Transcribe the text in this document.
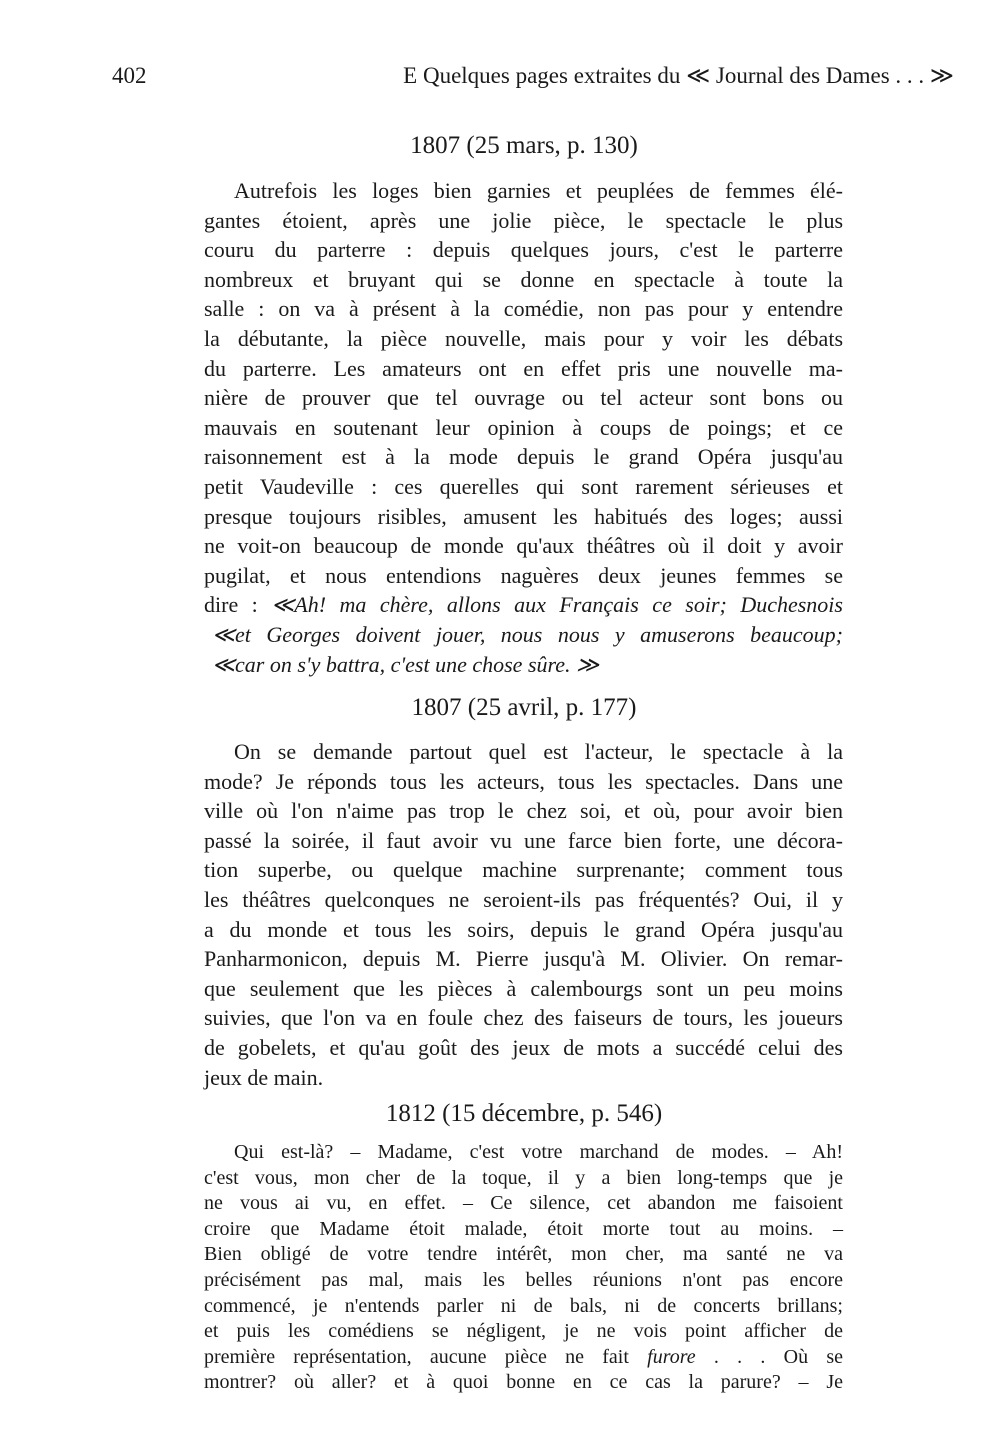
402	E Quelques pages extraites du ≪ Journal des Dames . . . ≫
1807 (25 mars, p. 130)
Autrefois les loges bien garnies et peuplées de femmes élé-
gantes étoient, après une jolie pièce, le spectacle le plus
couru du parterre : depuis quelques jours, c'est le parterre
nombreux et bruyant qui se donne en spectacle à toute la
salle : on va à présent à la comédie, non pas pour y entendre
la débutante, la pièce nouvelle, mais pour y voir les débats
du parterre. Les amateurs ont en effet pris une nouvelle ma-
nière de prouver que tel ouvrage ou tel acteur sont bons ou
mauvais en soutenant leur opinion à coups de poings; et ce
raisonnement est à la mode depuis le grand Opéra jusqu'au
petit Vaudeville : ces querelles qui sont rarement sérieuses et
presque toujours risibles, amusent les habitués des loges; aussi
ne voit-on beaucoup de monde qu'aux théâtres où il doit y avoir
pugilat, et nous entendions naguères deux jeunes femmes se
dire : ≪Ah! ma chère, allons aux Français ce soir; Duchesnois
≪et Georges doivent jouer, nous nous y amuserons beaucoup;
≪car on s'y battra, c'est une chose sûre. ≫
1807 (25 avril, p. 177)
On se demande partout quel est l'acteur, le spectacle à la
mode? Je réponds tous les acteurs, tous les spectacles. Dans une
ville où l'on n'aime pas trop le chez soi, et où, pour avoir bien
passé la soirée, il faut avoir vu une farce bien forte, une décora-
tion superbe, ou quelque machine surprenante; comment tous
les théâtres quelconques ne seroient-ils pas fréquentés? Oui, il y
a du monde et tous les soirs, depuis le grand Opéra jusqu'au
Panharmonicon, depuis M. Pierre jusqu'à M. Olivier. On remar-
que seulement que les pièces à calembourgs sont un peu moins
suivies, que l'on va en foule chez des faiseurs de tours, les joueurs
de gobelets, et qu'au goût des jeux de mots a succédé celui des
jeux de main.
1812 (15 décembre, p. 546)
Qui est-là? – Madame, c'est votre marchand de modes. – Ah!
c'est vous, mon cher de la toque, il y a bien long-temps que je
ne vous ai vu, en effet. – Ce silence, cet abandon me faisoient
croire que Madame étoit malade, étoit morte tout au moins. –
Bien obligé de votre tendre intérêt, mon cher, ma santé ne va
précisément pas mal, mais les belles réunions n'ont pas encore
commencé, je n'entends parler ni de bals, ni de concerts brillans;
et puis les comédiens se négligent, je ne vois point afficher de
première représentation, aucune pièce ne fait furore . . . Où se
montrer? où aller? et à quoi bonne en ce cas la parure? – Je
